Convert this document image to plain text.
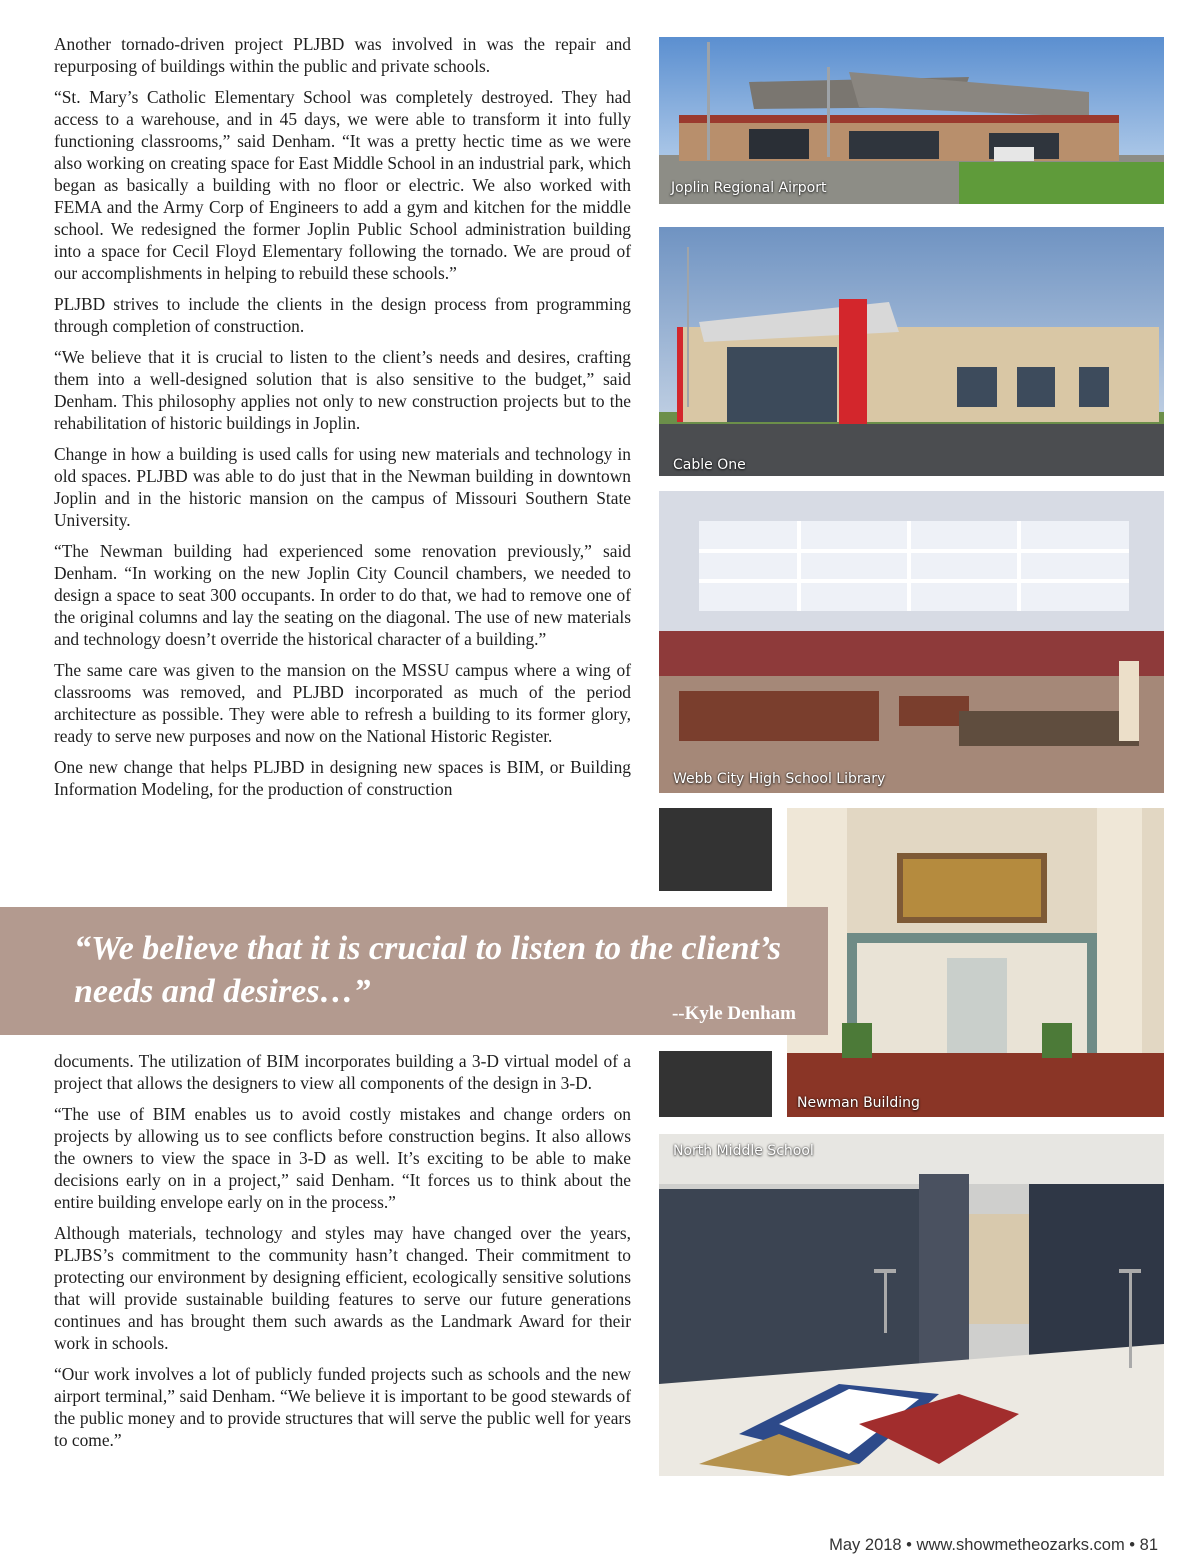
Another tornado-driven project PLJBD was involved in was the repair and repurposing of buildings within the public and private schools.

“St. Mary’s Catholic Elementary School was completely destroyed. They had access to a warehouse, and in 45 days, we were able to transform it into fully functioning classrooms,” said Denham. “It was a pretty hectic time as we were also working on creating space for East Middle School in an industrial park, which began as basically a building with no floor or electric. We also worked with FEMA and the Army Corp of Engineers to add a gym and kitchen for the middle school. We redesigned the former Joplin Public School administration building into a space for Cecil Floyd Elementary following the tornado. We are proud of our accomplishments in helping to rebuild these schools.”

PLJBD strives to include the clients in the design process from programming through completion of construction.

“We believe that it is crucial to listen to the client’s needs and desires, crafting them into a well-designed solution that is also sensitive to the budget,” said Denham. This philosophy applies not only to new construction projects but to the rehabilitation of historic buildings in Joplin.

Change in how a building is used calls for using new materials and technology in old spaces. PLJBD was able to do just that in the Newman building in downtown Joplin and in the historic mansion on the campus of Missouri Southern State University.

“The Newman building had experienced some renovation previously,” said Denham. “In working on the new Joplin City Council chambers, we needed to design a space to seat 300 occupants. In order to do that, we had to remove one of the original columns and lay the seating on the diagonal. The use of new materials and technology doesn’t override the historical character of a building.”

The same care was given to the mansion on the MSSU campus where a wing of classrooms was removed, and PLJBD incorporated as much of the period architecture as possible. They were able to refresh a building to its former glory, ready to serve new purposes and now on the National Historic Register.

One new change that helps PLJBD in designing new spaces is BIM, or Building Information Modeling, for the production of construction

documents. The utilization of BIM incorporates building a 3-D virtual model of a project that allows the designers to view all components of the design in 3-D.

“The use of BIM enables us to avoid costly mistakes and change orders on projects by allowing us to see conflicts before construction begins. It also allows the owners to view the space in 3-D as well. It’s exciting to be able to make decisions early on in a project,” said Denham. “It forces us to think about the entire building envelope early on in the process.”

Although materials, technology and styles may have changed over the years, PLJBS’s commitment to the community hasn’t changed. Their commitment to protecting our environment by designing efficient, ecologically sensitive solutions that will provide sustainable building features to serve our future generations continues and has brought them such awards as the Landmark Award for their work in schools.

“Our work involves a lot of publicly funded projects such as schools and the new airport terminal,” said Denham. “We believe it is important to be good stewards of the public money and to provide structures that will serve the public well for years to come.”

Joplin Regional Airport
Cable One
Webb City High School Library
Newman Building
North Middle School
“We believe that it is crucial to listen to the client’s needs and desires…”
--Kyle Denham
May 2018 • www.showmetheozarks.com • 81
